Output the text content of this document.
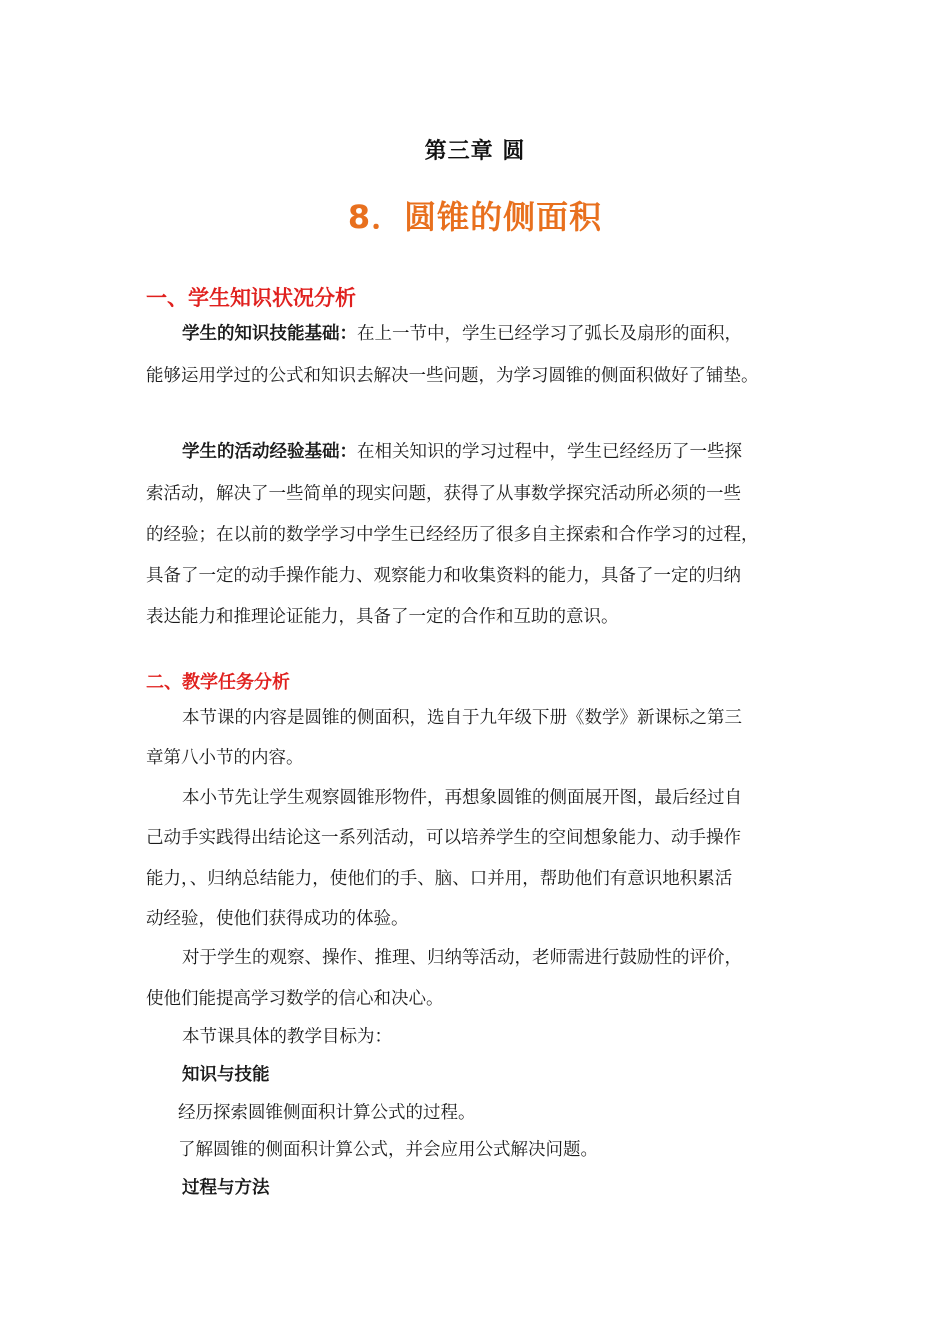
第三章 圆
8．圆锥的侧面积
一、学生知识状况分析
学生的知识技能基础：在上一节中，学生已经学习了弧长及扇形的面积，
能够运用学过的公式和知识去解决一些问题，为学习圆锥的侧面积做好了铺垫。
学生的活动经验基础：在相关知识的学习过程中，学生已经经历了一些探
索活动，解决了一些简单的现实问题，获得了从事数学探究活动所必须的一些
的经验；在以前的数学学习中学生已经经历了很多自主探索和合作学习的过程，
具备了一定的动手操作能力、观察能力和收集资料的能力，具备了一定的归纳
表达能力和推理论证能力，具备了一定的合作和互助的意识。
二、教学任务分析
本节课的内容是圆锥的侧面积，选自于九年级下册《数学》新课标之第三
章第八小节的内容。
本小节先让学生观察圆锥形物件，再想象圆锥的侧面展开图，最后经过自
己动手实践得出结论这一系列活动，可以培养学生的空间想象能力、动手操作
能力，、归纳总结能力，使他们的手、脑、口并用，帮助他们有意识地积累活
动经验，使他们获得成功的体验。
对于学生的观察、操作、推理、归纳等活动，老师需进行鼓励性的评价，
使他们能提高学习数学的信心和决心。
本节课具体的教学目标为：
知识与技能
经历探索圆锥侧面积计算公式的过程。
了解圆锥的侧面积计算公式，并会应用公式解决问题。
过程与方法
